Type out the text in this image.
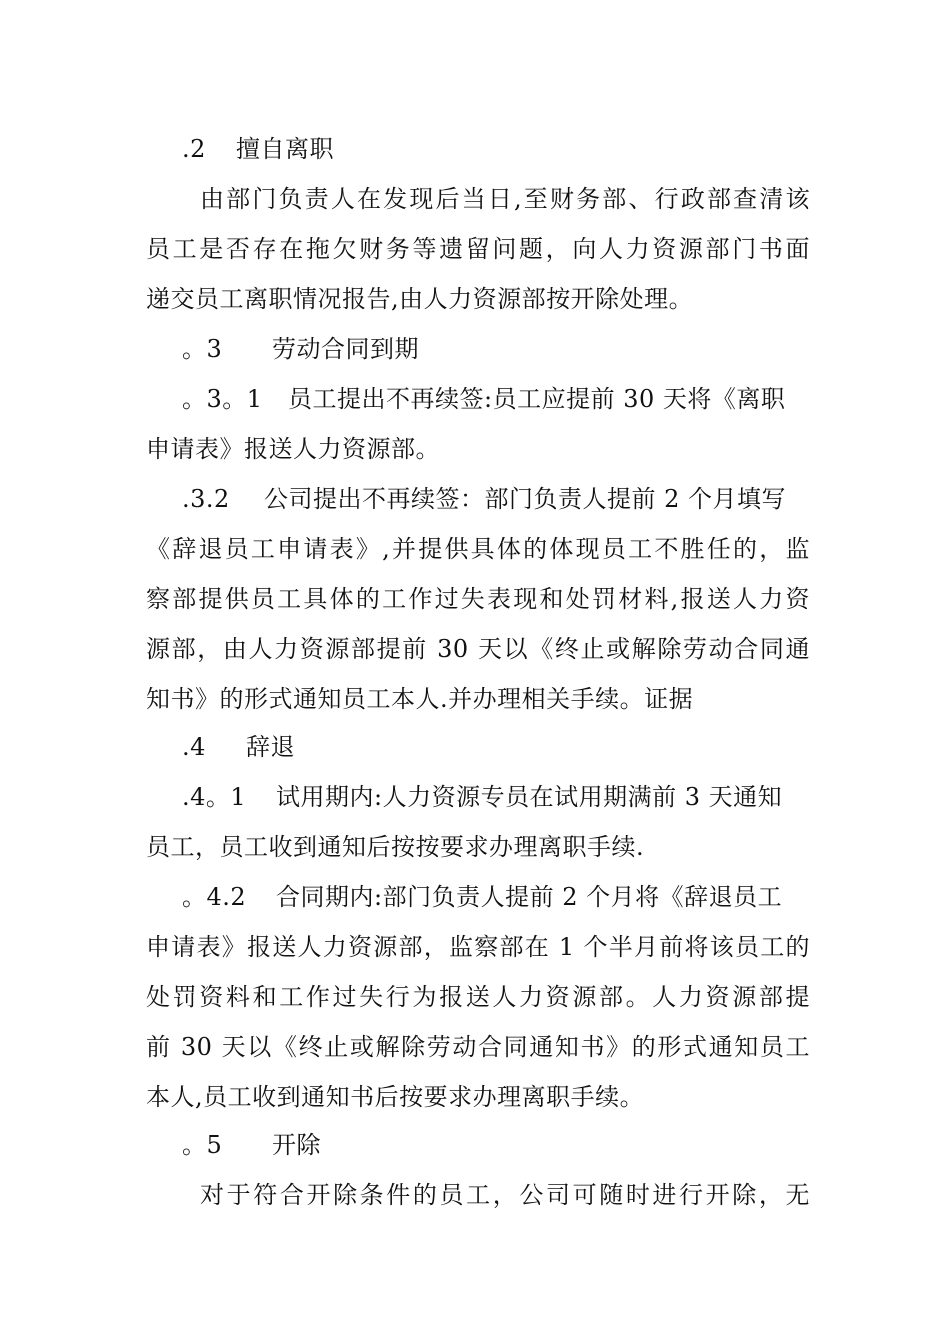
.2 擅自离职
由部门负责人在发现后当日,至财务部、行政部查清该
员工是否存在拖欠财务等遗留问题，向人力资源部门书面
递交员工离职情况报告,由人力资源部按开除处理。
。3 劳动合同到期
。3。1 员工提出不再续签:员工应提前 30 天将《离职
申请表》报送人力资源部。
.3.2 公司提出不再续签：部门负责人提前 2 个月填写
《辞退员工申请表》,并提供具体的体现员工不胜任的，监
察部提供员工具体的工作过失表现和处罚材料,报送人力资
源部，由人力资源部提前 30 天以《终止或解除劳动合同通
知书》的形式通知员工本人.并办理相关手续。证据
.4 辞退
.4。1 试用期内:人力资源专员在试用期满前 3 天通知
员工，员工收到通知后按按要求办理离职手续.
。4.2 合同期内:部门负责人提前 2 个月将《辞退员工
申请表》报送人力资源部，监察部在 1 个半月前将该员工的
处罚资料和工作过失行为报送人力资源部。人力资源部提
前 30 天以《终止或解除劳动合同通知书》的形式通知员工
本人,员工收到通知书后按要求办理离职手续。
。5 开除
对于符合开除条件的员工，公司可随时进行开除，无
